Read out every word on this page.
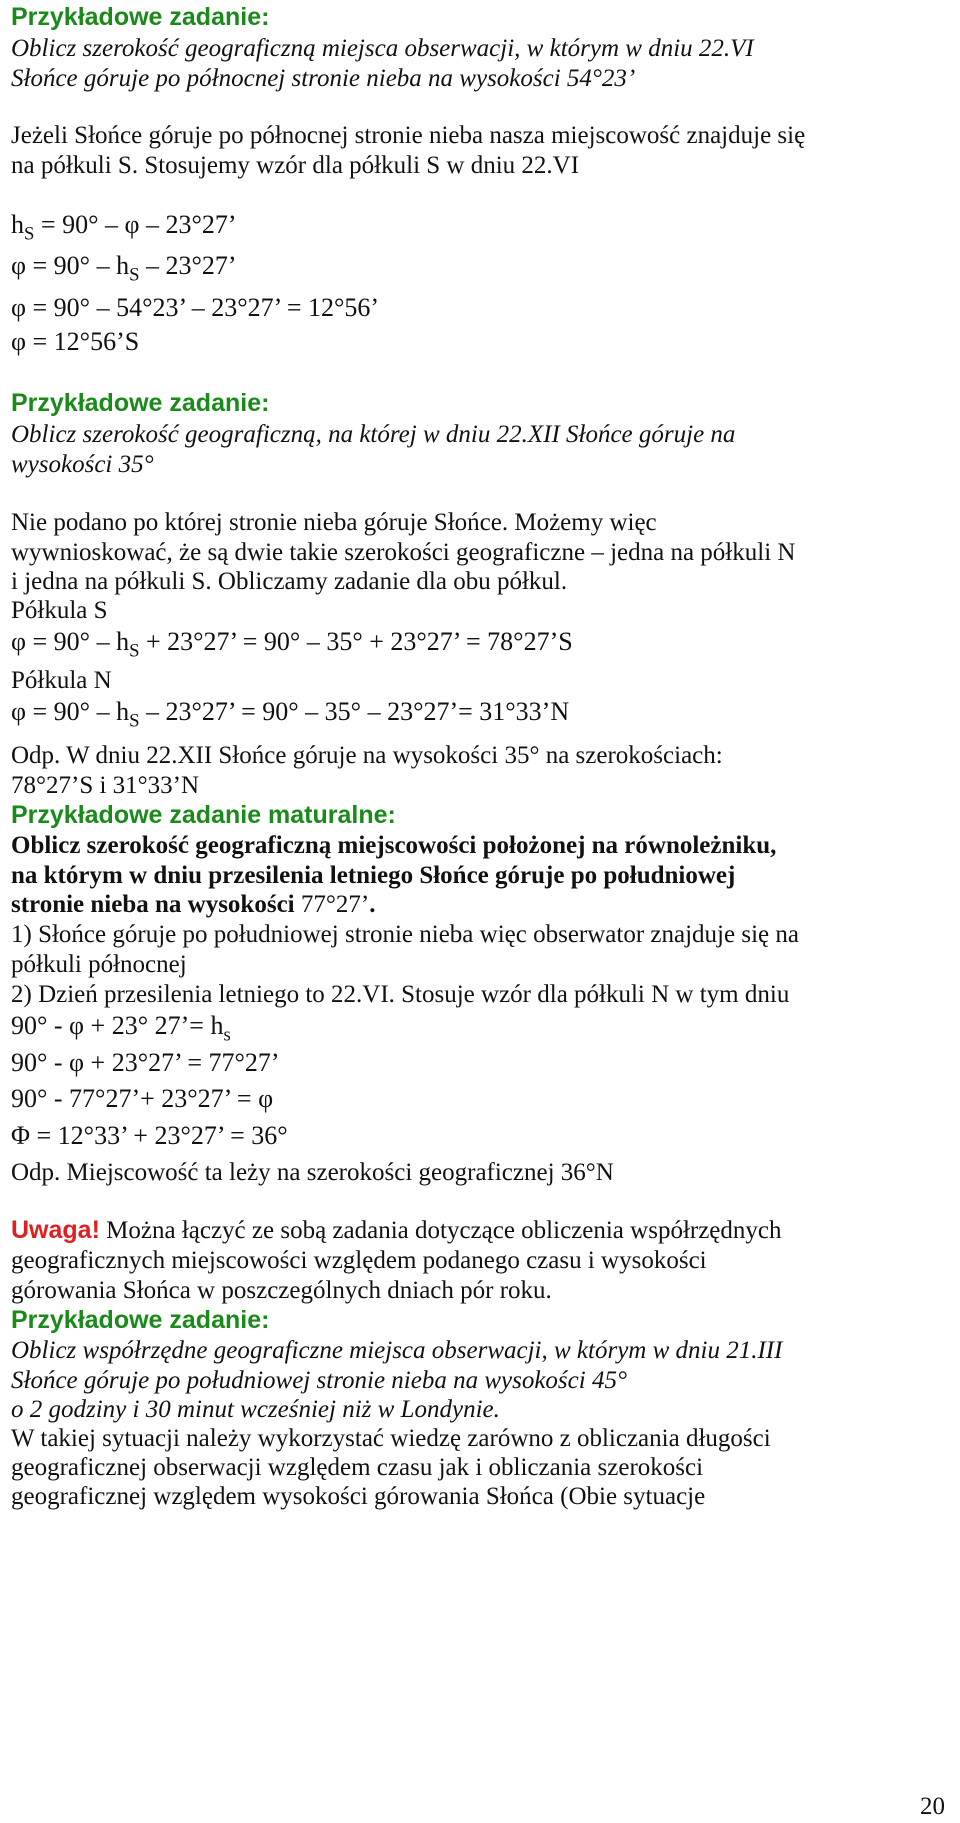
Przykładowe zadanie:
Oblicz szerokość geograficzną miejsca obserwacji, w którym w dniu 22.VI
Słońce góruje po północnej stronie nieba na wysokości 54°23’
Jeżeli Słońce góruje po północnej stronie nieba nasza miejscowość znajduje się
na półkuli S. Stosujemy wzór dla półkuli S w dniu 22.VI
$h_S = 90^\circ - \varphi - 23^\circ 27$’
$\varphi = 90^\circ - h_S - 23^\circ 27$’
φ = 90° – 54°23’ – 23°27’ = 12°56’
φ = 12°56’S
Przykładowe zadanie:
Oblicz szerokość geograficzną, na której w dniu 22.XII Słońce góruje na
wysokości 35°
Nie podano po której stronie nieba góruje Słońce. Możemy więc
wywnioskować, że są dwie takie szerokości geograficzne – jedna na półkuli N
i jedna na półkuli S. Obliczamy zadanie dla obu półkul.
Półkula S
$\varphi = 90^\circ - h_S + 23^\circ 27$’ = 90° – 35° + 23°27’ = 78°27’S
Półkula N
$\varphi = 90^\circ - h_S - 23^\circ 27$’ = 90° – 35° – 23°27’= 31°33’N
Odp. W dniu 22.XII Słońce góruje na wysokości 35° na szerokościach:
78°27’S i 31°33’N
Przykładowe zadanie maturalne:
Oblicz szerokość geograficzną miejscowości położonej na równoleżniku,
na którym w dniu przesilenia letniego Słońce góruje po południowej
stronie nieba na wysokości 77°27’.
1) Słońce góruje po południowej stronie nieba więc obserwator znajduje się na
półkuli północnej
2) Dzień przesilenia letniego to 22.VI. Stosuje wzór dla półkuli N w tym dniu
90° - φ + 23° 27’= $h_s$
90° - φ + 23°27’ = 77°27’
90° - 77°27’+ 23°27’ = φ
Φ = 12°33’ + 23°27’ = 36°
Odp. Miejscowość ta leży na szerokości geograficznej 36°N
Uwaga! Można łączyć ze sobą zadania dotyczące obliczenia współrzędnych
geograficznych miejscowości względem podanego czasu i wysokości
górowania Słońca w poszczególnych dniach pór roku.
Przykładowe zadanie:
Oblicz współrzędne geograficzne miejsca obserwacji, w którym w dniu 21.III
Słońce góruje po południowej stronie nieba na wysokości 45°
o 2 godziny i 30 minut wcześniej niż w Londynie.
W takiej sytuacji należy wykorzystać wiedzę zarówno z obliczania długości
geograficznej obserwacji względem czasu jak i obliczania szerokości
geograficznej względem wysokości górowania Słońca (Obie sytuacje
20
